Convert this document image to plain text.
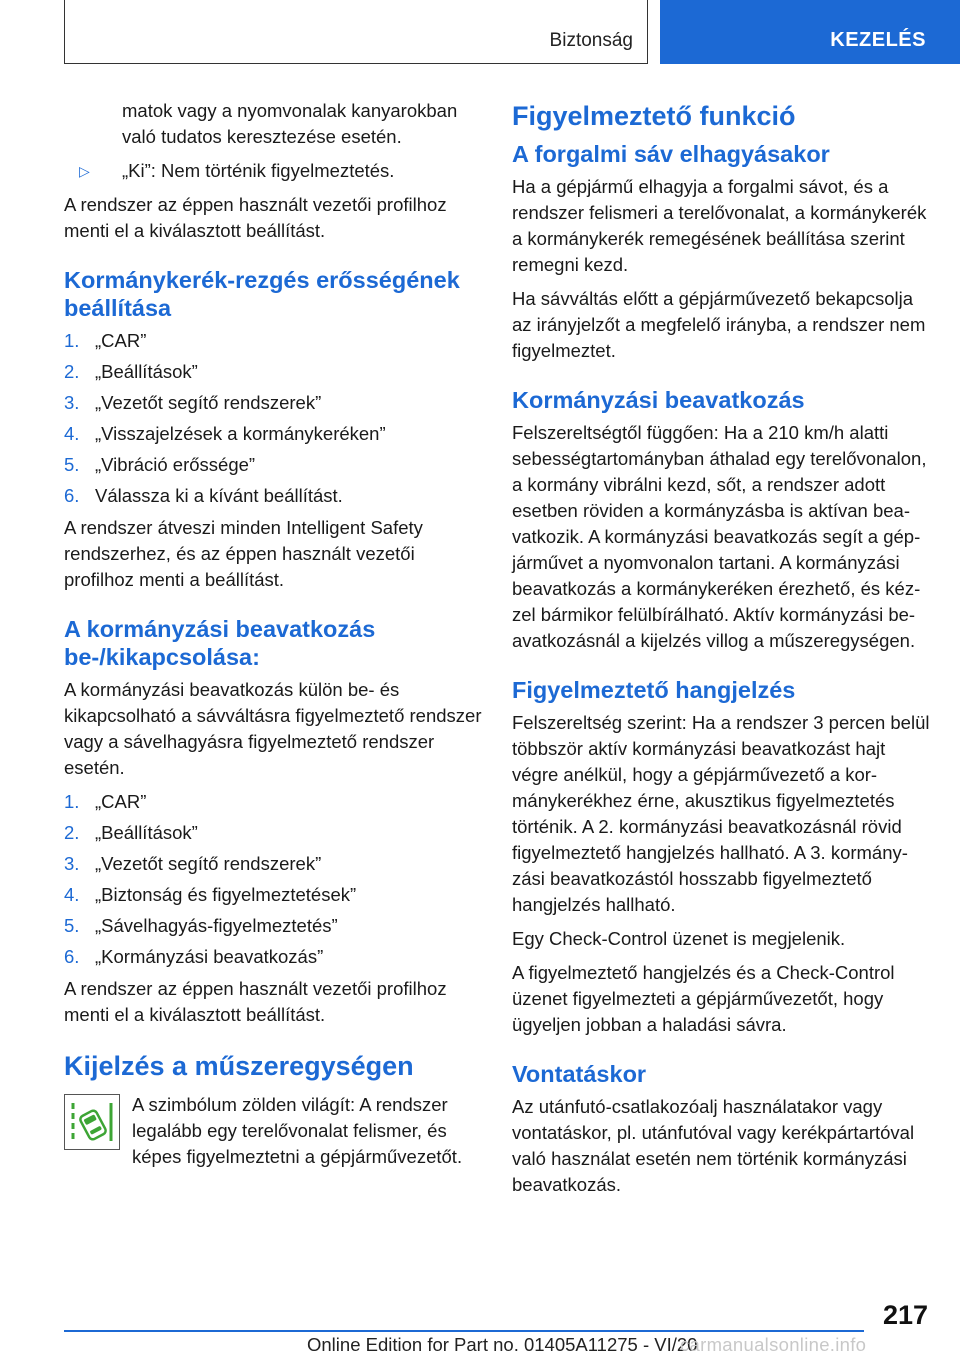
Biztonság	KEZELÉS

matok vagy a nyomvonalak kanyarokban való tudatos keresztezése esetén.

▷	„Ki”: Nem történik figyelmeztetés.

A rendszer az éppen használt vezetői profilhoz menti el a kiválasztott beállítást.

Kormánykerék-rezgés erősségének beállítása
1. „CAR”
2. „Beállítások”
3. „Vezetőt segítő rendszerek”
4. „Visszajelzések a kormánykeréken”
5. „Vibráció erőssége”
6. Válassza ki a kívánt beállítást.

A rendszer átveszi minden Intelligent Safety rendszerhez, és az éppen használt vezetői profilhoz menti a beállítást.

A kormányzási beavatkozás be-/kikapcsolása:

A kormányzási beavatkozás külön be- és kikapcsolható a sávváltásra figyelmeztető rendszer vagy a sávelhagyásra figyelmeztető rendszer esetén.

1. „CAR”
2. „Beállítások”
3. „Vezetőt segítő rendszerek”
4. „Biztonság és figyelmeztetések”
5. „Sávelhagyás-figyelmeztetés”
6. „Kormányzási beavatkozás”

A rendszer az éppen használt vezetői profilhoz menti el a kiválasztott beállítást.

Kijelzés a műszeregységen

A szimbólum zölden világít: A rendszer legalább egy terelővonalat felismer, és képes figyelmeztetni a gépjárművezetőt.

Figyelmeztető funkció
A forgalmi sáv elhagyásakor

Ha a gépjármű elhagyja a forgalmi sávot, és a rendszer felismeri a terelővonalat, a kormánykerék a kormánykerék remegésének beállítása szerint remegni kezd.

Ha sávváltás előtt a gépjárművezető bekapcsolja az irányjelzőt a megfelelő irányba, a rendszer nem figyelmeztet.

Kormányzási beavatkozás

Felszereltségtől függően: Ha a 210 km/h alatti sebességtartományban áthalad egy terelővonalon, a kormány vibrálni kezd, sőt, a rendszer adott esetben röviden a kormányzásba is aktívan beavatkozik. A kormányzási beavatkozás segít a gépjárművet a nyomvonalon tartani. A kormányzási beavatkozás a kormánykeréken érezhető, és kézzel bármikor felülbírálható. Aktív kormányzási beavatkozásnál a kijelzés villog a műszeregységen.

Figyelmeztető hangjelzés

Felszereltség szerint: Ha a rendszer 3 percen belül többször aktív kormányzási beavatkozást hajt végre anélkül, hogy a gépjárművezető a kormánykerékhez érne, akusztikus figyelmeztetés történik. A 2. kormányzási beavatkozásnál rövid figyelmeztető hangjelzés hallható. A 3. kormányzási beavatkozástól hosszabb figyelmeztető hangjelzés hallható.

Egy Check-Control üzenet is megjelenik.

A figyelmeztető hangjelzés és a Check-Control üzenet figyelmezteti a gépjárművezetőt, hogy ügyeljen jobban a haladási sávra.

Vontatáskor

Az utánfutó-csatlakozóalj használatakor vagy vontatáskor, pl. utánfutóval vagy kerékpártartóval való használat esetén nem történik kormányzási beavatkozás.

217
Online Edition for Part no. 01405A11275 - VI/20
carmanualsonline.info
